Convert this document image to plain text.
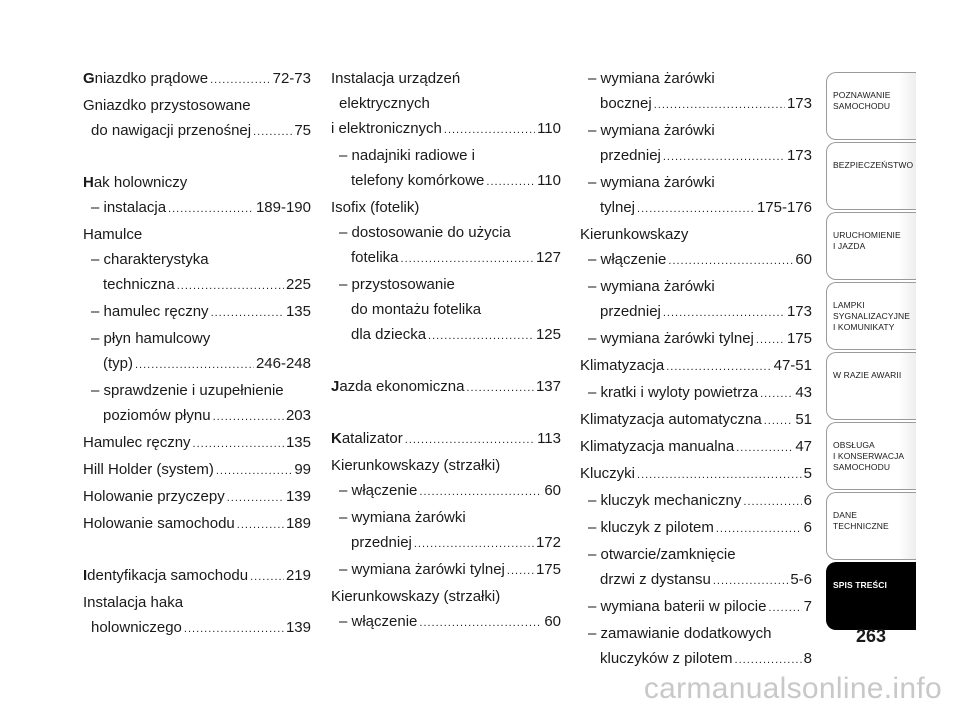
Gniazdko prądowe .....	72-73
Gniazdko przystosowane
do nawigacji przenośnej .....	75
Hak holowniczy
– instalacja .....	189-190
Hamulce
– charakterystyka
techniczna .....	225
– hamulec ręczny .....	135
– płyn hamulcowy
(typ) .....	246-248
– sprawdzenie i uzupełnienie
poziomów płynu .....	203
Hamulec ręczny .....	135
Hill Holder (system) .....	99
Holowanie przyczepy .....	139
Holowanie samochodu .....	189
Identyfikacja samochodu .....	219
Instalacja haka
holowniczego .....	139
Instalacja urządzeń
elektrycznych
i elektronicznych .....	110
– nadajniki radiowe i
telefony komórkowe .....	110
Isofix (fotelik)
– dostosowanie do użycia
fotelika .....	127
– przystosowanie
do montażu fotelika
dla dziecka .....	125
Jazda ekonomiczna .....	137
Katalizator .....	113
Kierunkowskazy (strzałki)
– włączenie .....	60
– wymiana żarówki
przedniej .....	172
– wymiana żarówki tylnej ..... 175
Kierunkowskazy (strzałki)
– włączenie .....	60
– wymiana żarówki
bocznej .....	173
– wymiana żarówki
przedniej .....	173
– wymiana żarówki
tylnej .....	175-176
Kierunkowskazy
– włączenie .....	60
– wymiana żarówki
przedniej .....	173
– wymiana żarówki tylnej ..... 175
Klimatyzacja .....	47-51
– kratki i wyloty powietrza ..... 43
Klimatyzacja automatyczna ..... 51
Klimatyzacja manualna .....	47
Kluczyki .....	5
– kluczyk mechaniczny .....	6
– kluczyk z pilotem .....	6
– otwarcie/zamknięcie
drzwi z dystansu .....	5-6
– wymiana baterii w pilocie ..... 7
– zamawianie dodatkowych
kluczyków z pilotem .....	8
POZNAWANIE
SAMOCHODU
BEZPIECZEŃSTWO
URUCHOMIENIE
I JAZDA
LAMPKI
SYGNALIZACYJNE
I KOMUNIKATY
W RAZIE AWARII
OBSŁUGA
I KONSERWACJA
SAMOCHODU
DANE
TECHNICZNE
SPIS TREŚCI
263
carmanualsonline.info
